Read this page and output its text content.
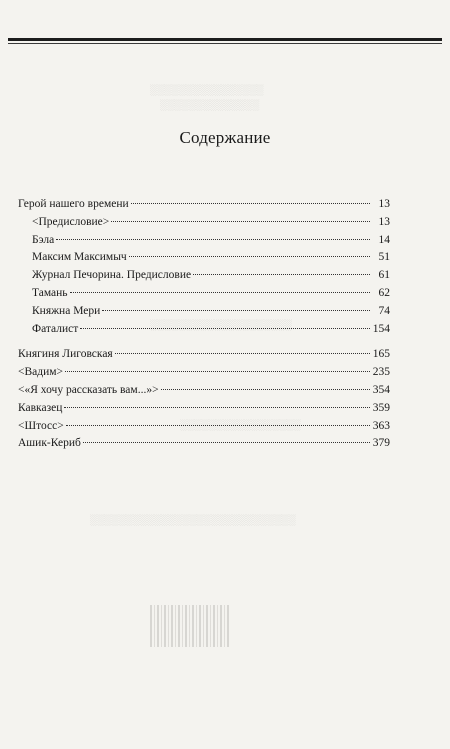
░░░░░░░░░░░░░░░░
░░░░░░░░░░░░░░
░░░░░░░░░░░░░░░░░░░░
░░░░░░░░░░░░░░░░░
░░░░░░░░░░░░░░░░░░░░░░░░░░░░░
Содержание
Герой нашего времени	13
<Предисловие>	13
Бэла	14
Максим Максимыч	51
Журнал Печорина. Предисловие	61
Тамань	62
Княжна Мери	74
Фаталист	154
Княгиня Лиговская	165
<Вадим>	235
<«Я хочу рассказать вам...»>	354
Кавказец	359
<Штосс>	363
Ашик-Кериб	379
